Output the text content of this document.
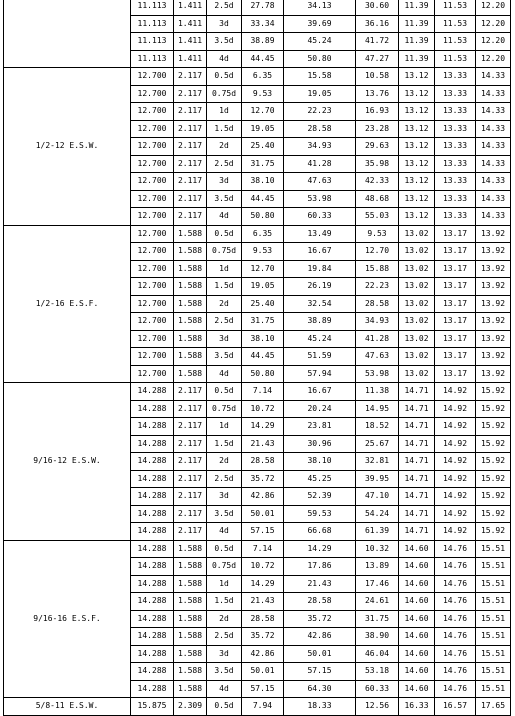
	11.113	1.411	2.5d	27.78	34.13	30.60	11.39	11.53	12.20	
	11.113	1.411	3d	33.34	39.69	36.16	11.39	11.53	12.20	
	11.113	1.411	3.5d	38.89	45.24	41.72	11.39	11.53	12.20	
	11.113	1.411	4d	44.45	50.80	47.27	11.39	11.53	12.20	
1/2-12 E.S.W.	12.700	2.117	0.5d	6.35	15.58	10.58	13.12	13.33	14.33	
	12.700	2.117	0.75d	9.53	19.05	13.76	13.12	13.33	14.33	
	12.700	2.117	1d	12.70	22.23	16.93	13.12	13.33	14.33	
	12.700	2.117	1.5d	19.05	28.58	23.28	13.12	13.33	14.33	
	12.700	2.117	2d	25.40	34.93	29.63	13.12	13.33	14.33	
	12.700	2.117	2.5d	31.75	41.28	35.98	13.12	13.33	14.33	
	12.700	2.117	3d	38.10	47.63	42.33	13.12	13.33	14.33	
	12.700	2.117	3.5d	44.45	53.98	48.68	13.12	13.33	14.33	
	12.700	2.117	4d	50.80	60.33	55.03	13.12	13.33	14.33	
1/2-16 E.S.F.	12.700	1.588	0.5d	6.35	13.49	9.53	13.02	13.17	13.92	
	12.700	1.588	0.75d	9.53	16.67	12.70	13.02	13.17	13.92	
	12.700	1.588	1d	12.70	19.84	15.88	13.02	13.17	13.92	
	12.700	1.588	1.5d	19.05	26.19	22.23	13.02	13.17	13.92	
	12.700	1.588	2d	25.40	32.54	28.58	13.02	13.17	13.92	
	12.700	1.588	2.5d	31.75	38.89	34.93	13.02	13.17	13.92	
	12.700	1.588	3d	38.10	45.24	41.28	13.02	13.17	13.92	
	12.700	1.588	3.5d	44.45	51.59	47.63	13.02	13.17	13.92	
	12.700	1.588	4d	50.80	57.94	53.98	13.02	13.17	13.92	
9/16-12 E.S.W.	14.288	2.117	0.5d	7.14	16.67	11.38	14.71	14.92	15.92	
	14.288	2.117	0.75d	10.72	20.24	14.95	14.71	14.92	15.92	
	14.288	2.117	1d	14.29	23.81	18.52	14.71	14.92	15.92	
	14.288	2.117	1.5d	21.43	30.96	25.67	14.71	14.92	15.92	
	14.288	2.117	2d	28.58	38.10	32.81	14.71	14.92	15.92	
	14.288	2.117	2.5d	35.72	45.25	39.95	14.71	14.92	15.92	
	14.288	2.117	3d	42.86	52.39	47.10	14.71	14.92	15.92	
	14.288	2.117	3.5d	50.01	59.53	54.24	14.71	14.92	15.92	
	14.288	2.117	4d	57.15	66.68	61.39	14.71	14.92	15.92	
9/16-16 E.S.F.	14.288	1.588	0.5d	7.14	14.29	10.32	14.60	14.76	15.51	
	14.288	1.588	0.75d	10.72	17.86	13.89	14.60	14.76	15.51	
	14.288	1.588	1d	14.29	21.43	17.46	14.60	14.76	15.51	
	14.288	1.588	1.5d	21.43	28.58	24.61	14.60	14.76	15.51	
	14.288	1.588	2d	28.58	35.72	31.75	14.60	14.76	15.51	
	14.288	1.588	2.5d	35.72	42.86	38.90	14.60	14.76	15.51	
	14.288	1.588	3d	42.86	50.01	46.04	14.60	14.76	15.51	
	14.288	1.588	3.5d	50.01	57.15	53.18	14.60	14.76	15.51	
	14.288	1.588	4d	57.15	64.30	60.33	14.60	14.76	15.51	
5/8-11 E.S.W.	15.875	2.309	0.5d	7.94	18.33	12.56	16.33	16.57	17.65	
